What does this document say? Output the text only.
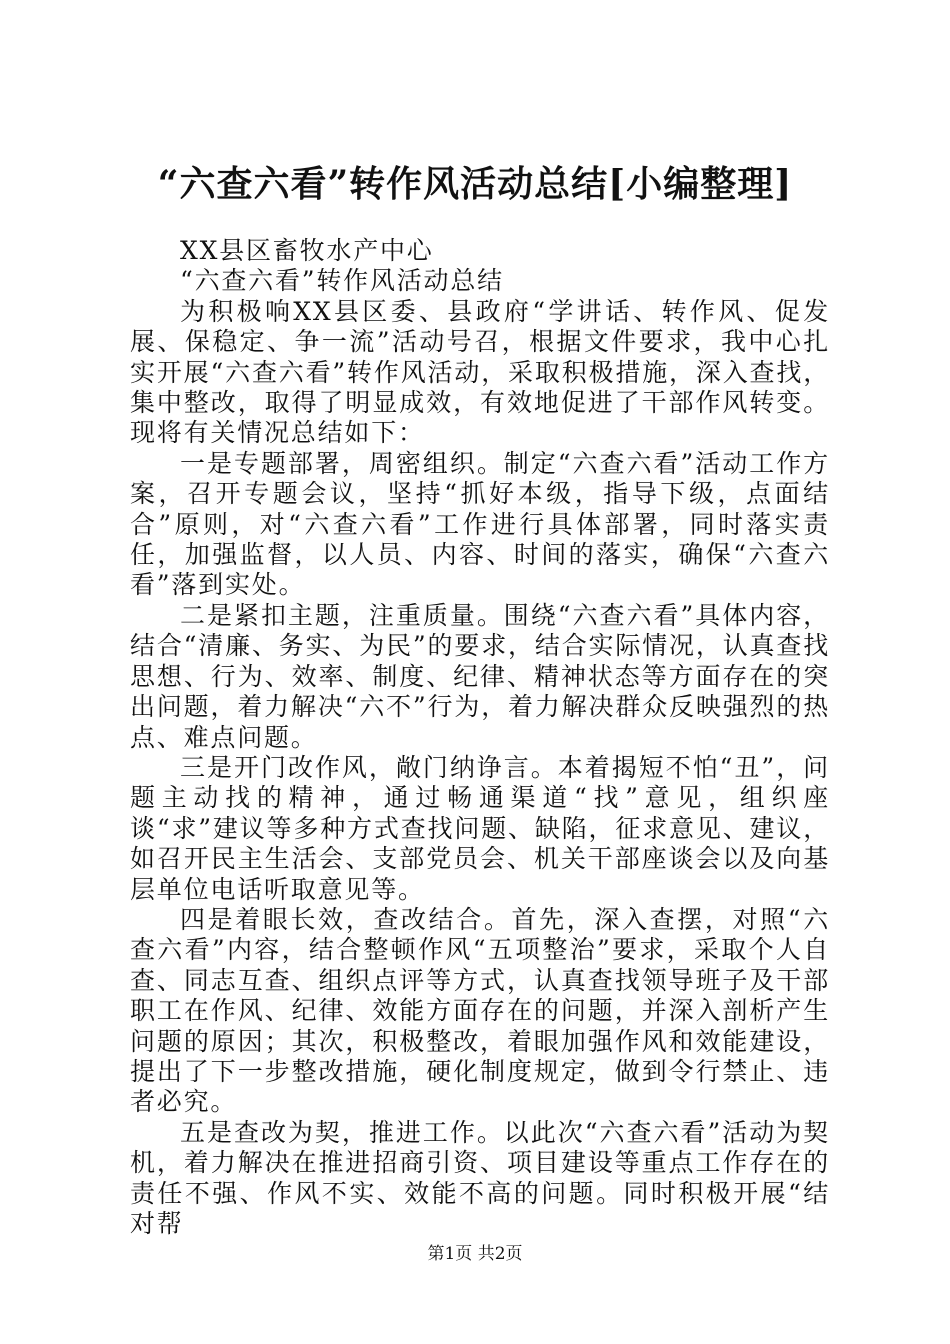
“六查六看”转作风活动总结[小编整理]

XX县区畜牧水产中心

“六查六看”转作风活动总结

为积极响XX县区委、县政府“学讲话、转作风、促发展、保稳定、争一流”活动号召，根据文件要求，我中心扎实开展“六查六看”转作风活动，采取积极措施，深入查找，集中整改，取得了明显成效，有效地促进了干部作风转变。现将有关情况总结如下：

一是专题部署，周密组织。制定“六查六看”活动工作方案，召开专题会议，坚持“抓好本级，指导下级，点面结合”原则，对“六查六看”工作进行具体部署，同时落实责任，加强监督，以人员、内容、时间的落实，确保“六查六看”落到实处。

二是紧扣主题，注重质量。围绕“六查六看”具体内容，结合“清廉、务实、为民”的要求，结合实际情况，认真查找思想、行为、效率、制度、纪律、精神状态等方面存在的突出问题，着力解决“六不”行为，着力解决群众反映强烈的热点、难点问题。

三是开门改作风，敞门纳诤言。本着揭短不怕“丑”，问题主动找的精神，通过畅通渠道“找”意见，组织座谈“求”建议等多种方式查找问题、缺陷，征求意见、建议，如召开民主生活会、支部党员会、机关干部座谈会以及向基层单位电话听取意见等。

四是着眼长效，查改结合。首先，深入查摆，对照“六查六看”内容，结合整顿作风“五项整治”要求，采取个人自查、同志互查、组织点评等方式，认真查找领导班子及干部职工在作风、纪律、效能方面存在的问题，并深入剖析产生问题的原因；其次，积极整改，着眼加强作风和效能建设，提出了下一步整改措施，硬化制度规定，做到令行禁止、违者必究。

五是查改为契，推进工作。以此次“六查六看”活动为契机，着力解决在推进招商引资、项目建设等重点工作存在的责任不强、作风不实、效能不高的问题。同时积极开展“结对帮

第1页 共2页
